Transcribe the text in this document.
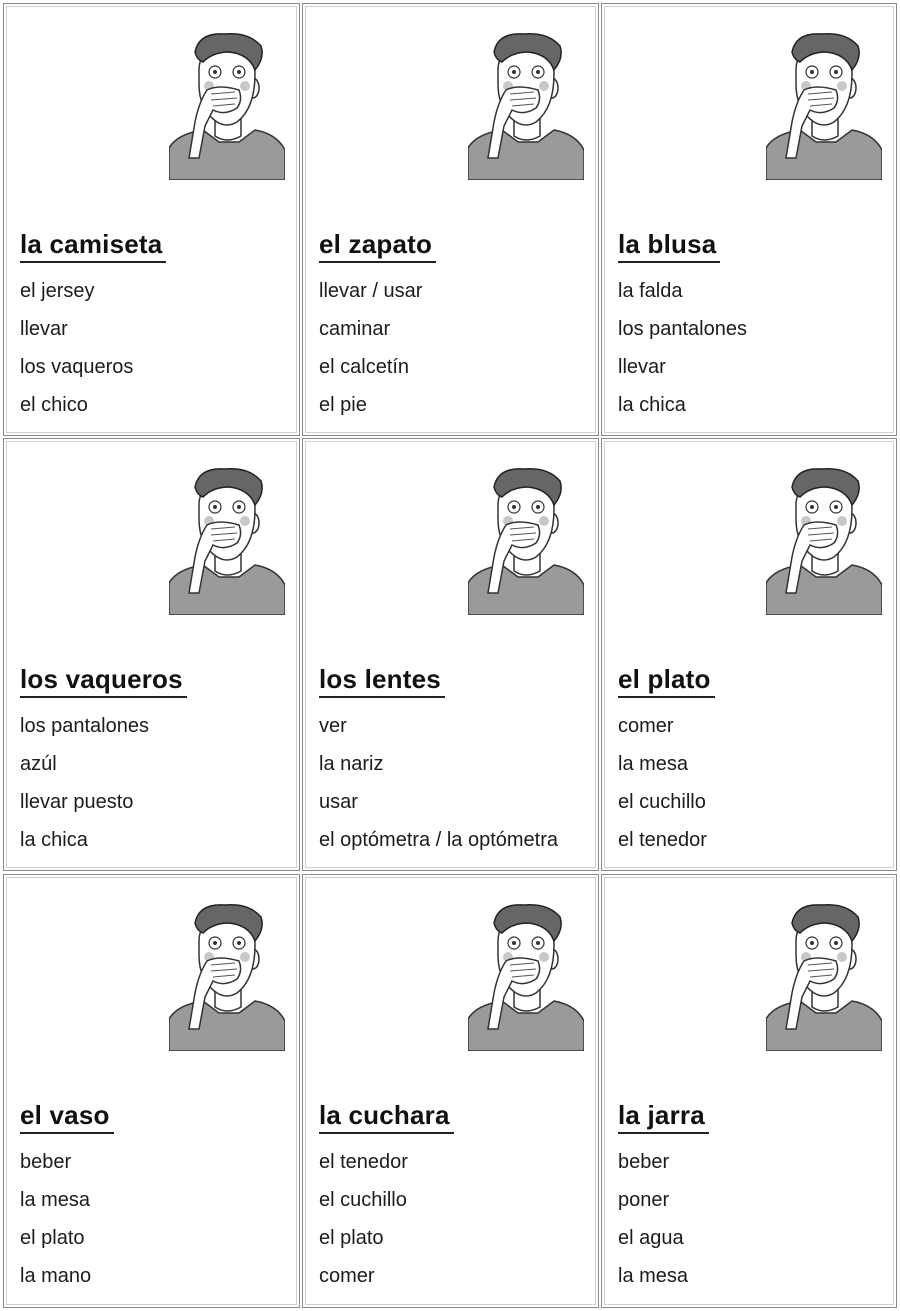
la camiseta
el jersey
llevar
los vaqueros
el chico
el zapato
llevar / usar
caminar
el calcetín
el pie
la blusa
la falda
los pantalones
llevar
la chica
los vaqueros
los pantalones
azúl
llevar puesto
la chica
los lentes
ver
la nariz
usar
el optómetra / la optómetra
el plato
comer
la mesa
el cuchillo
el tenedor
el vaso
beber
la mesa
el plato
la mano
la cuchara
el tenedor
el cuchillo
el plato
comer
la jarra
beber
poner
el agua
la mesa
